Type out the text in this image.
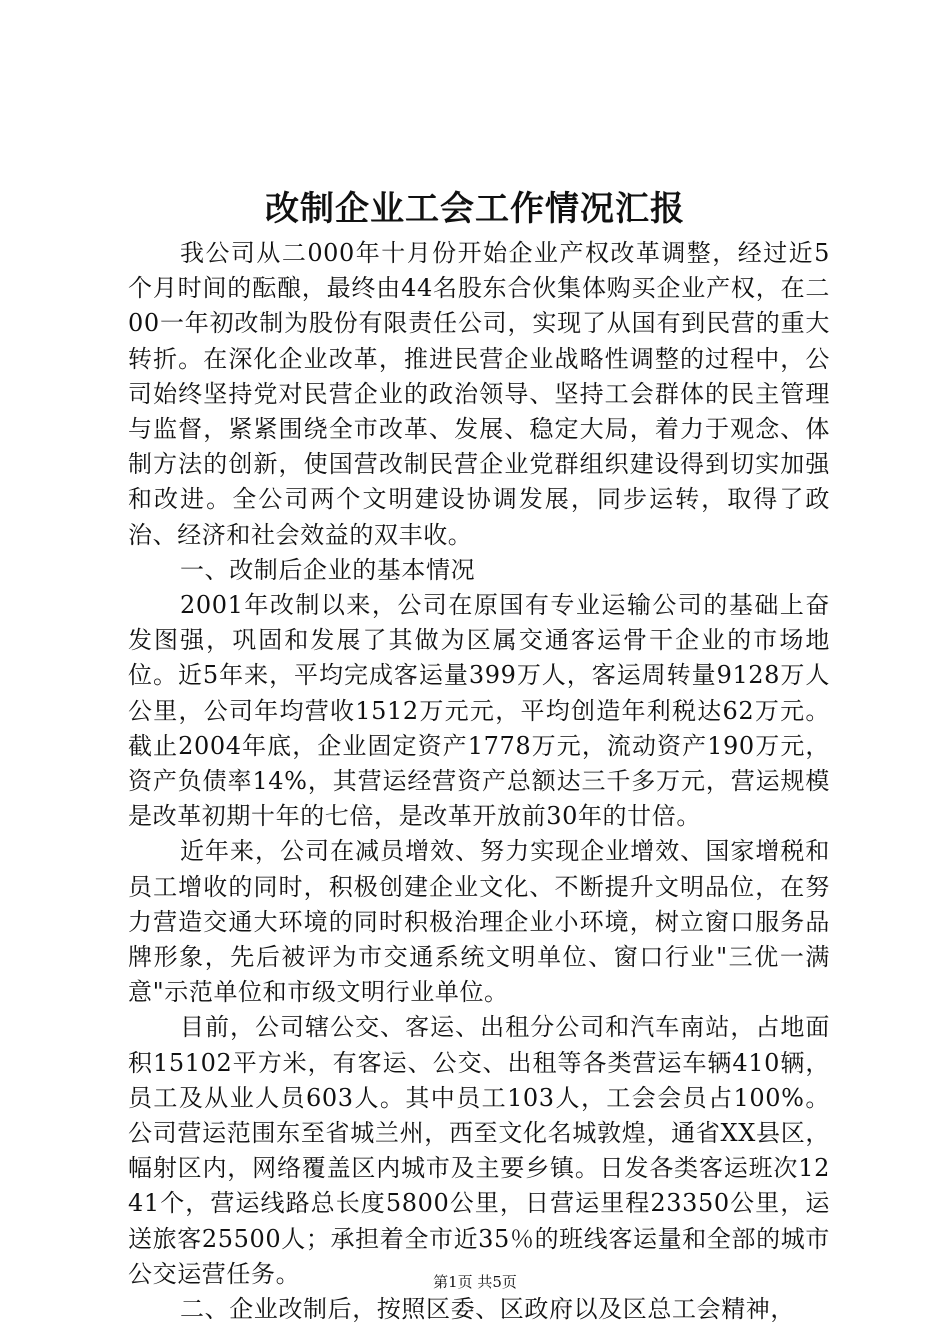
改制企业工会工作情况汇报

我公司从二000年十月份开始企业产权改革调整，经过近5个月时间的酝酿，最终由44名股东合伙集体购买企业产权，在二00一年初改制为股份有限责任公司，实现了从国有到民营的重大转折。在深化企业改革，推进民营企业战略性调整的过程中，公司始终坚持党对民营企业的政治领导、坚持工会群体的民主管理与监督，紧紧围绕全市改革、发展、稳定大局，着力于观念、体制方法的创新，使国营改制民营企业党群组织建设得到切实加强和改进。全公司两个文明建设协调发展，同步运转，取得了政治、经济和社会效益的双丰收。

一、改制后企业的基本情况

2001年改制以来，公司在原国有专业运输公司的基础上奋发图强，巩固和发展了其做为区属交通客运骨干企业的市场地位。近5年来，平均完成客运量399万人，客运周转量9128万人公里，公司年均营收1512万元元，平均创造年利税达62万元。截止2004年底，企业固定资产1778万元，流动资产190万元，资产负债率14%，其营运经营资产总额达三千多万元，营运规模是改革初期十年的七倍，是改革开放前30年的廿倍。

近年来，公司在减员增效、努力实现企业增效、国家增税和员工增收的同时，积极创建企业文化、不断提升文明品位，在努力营造交通大环境的同时积极治理企业小环境，树立窗口服务品牌形象，先后被评为市交通系统文明单位、窗口行业"三优一满意"示范单位和市级文明行业单位。

目前，公司辖公交、客运、出租分公司和汽车南站，占地面积15102平方米，有客运、公交、出租等各类营运车辆410辆，员工及从业人员603人。其中员工103人，工会会员占100%。公司营运范围东至省城兰州，西至文化名城敦煌，通省XX县区，幅射区内，网络覆盖区内城市及主要乡镇。日发各类客运班次1241个，营运线路总长度5800公里，日营运里程23350公里，运送旅客25500人；承担着全市近35％的班线客运量和全部的城市公交运营任务。

二、企业改制后，按照区委、区政府以及区总工会精神，

第1页 共5页
